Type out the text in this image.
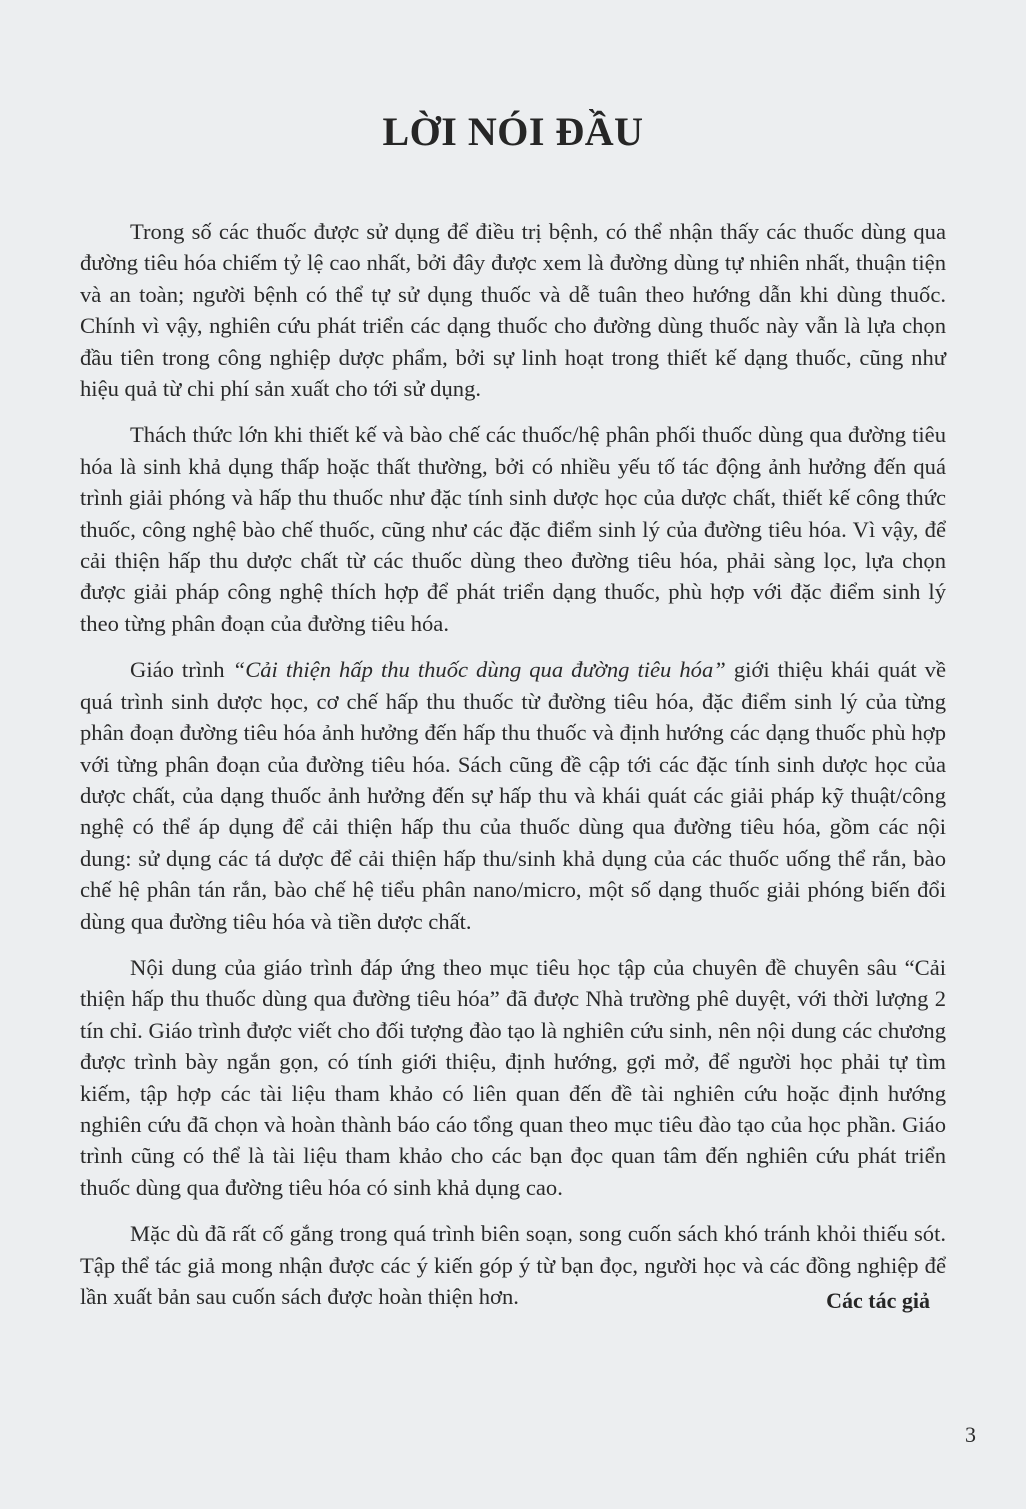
LỜI NÓI ĐẦU

Trong số các thuốc được sử dụng để điều trị bệnh, có thể nhận thấy các thuốc dùng qua đường tiêu hóa chiếm tỷ lệ cao nhất, bởi đây được xem là đường dùng tự nhiên nhất, thuận tiện và an toàn; người bệnh có thể tự sử dụng thuốc và dễ tuân theo hướng dẫn khi dùng thuốc. Chính vì vậy, nghiên cứu phát triển các dạng thuốc cho đường dùng thuốc này vẫn là lựa chọn đầu tiên trong công nghiệp dược phẩm, bởi sự linh hoạt trong thiết kế dạng thuốc, cũng như hiệu quả từ chi phí sản xuất cho tới sử dụng.

Thách thức lớn khi thiết kế và bào chế các thuốc/hệ phân phối thuốc dùng qua đường tiêu hóa là sinh khả dụng thấp hoặc thất thường, bởi có nhiều yếu tố tác động ảnh hưởng đến quá trình giải phóng và hấp thu thuốc như đặc tính sinh dược học của dược chất, thiết kế công thức thuốc, công nghệ bào chế thuốc, cũng như các đặc điểm sinh lý của đường tiêu hóa. Vì vậy, để cải thiện hấp thu dược chất từ các thuốc dùng theo đường tiêu hóa, phải sàng lọc, lựa chọn được giải pháp công nghệ thích hợp để phát triển dạng thuốc, phù hợp với đặc điểm sinh lý theo từng phân đoạn của đường tiêu hóa.

Giáo trình “Cải thiện hấp thu thuốc dùng qua đường tiêu hóa” giới thiệu khái quát về quá trình sinh dược học, cơ chế hấp thu thuốc từ đường tiêu hóa, đặc điểm sinh lý của từng phân đoạn đường tiêu hóa ảnh hưởng đến hấp thu thuốc và định hướng các dạng thuốc phù hợp với từng phân đoạn của đường tiêu hóa. Sách cũng đề cập tới các đặc tính sinh dược học của dược chất, của dạng thuốc ảnh hưởng đến sự hấp thu và khái quát các giải pháp kỹ thuật/công nghệ có thể áp dụng để cải thiện hấp thu của thuốc dùng qua đường tiêu hóa, gồm các nội dung: sử dụng các tá dược để cải thiện hấp thu/sinh khả dụng của các thuốc uống thể rắn, bào chế hệ phân tán rắn, bào chế hệ tiểu phân nano/micro, một số dạng thuốc giải phóng biến đổi dùng qua đường tiêu hóa và tiền dược chất.

Nội dung của giáo trình đáp ứng theo mục tiêu học tập của chuyên đề chuyên sâu “Cải thiện hấp thu thuốc dùng qua đường tiêu hóa” đã được Nhà trường phê duyệt, với thời lượng 2 tín chỉ. Giáo trình được viết cho đối tượng đào tạo là nghiên cứu sinh, nên nội dung các chương được trình bày ngắn gọn, có tính giới thiệu, định hướng, gợi mở, để người học phải tự tìm kiếm, tập hợp các tài liệu tham khảo có liên quan đến đề tài nghiên cứu hoặc định hướng nghiên cứu đã chọn và hoàn thành báo cáo tổng quan theo mục tiêu đào tạo của học phần. Giáo trình cũng có thể là tài liệu tham khảo cho các bạn đọc quan tâm đến nghiên cứu phát triển thuốc dùng qua đường tiêu hóa có sinh khả dụng cao.

Mặc dù đã rất cố gắng trong quá trình biên soạn, song cuốn sách khó tránh khỏi thiếu sót. Tập thể tác giả mong nhận được các ý kiến góp ý từ bạn đọc, người học và các đồng nghiệp để lần xuất bản sau cuốn sách được hoàn thiện hơn.	Các tác giả

3
